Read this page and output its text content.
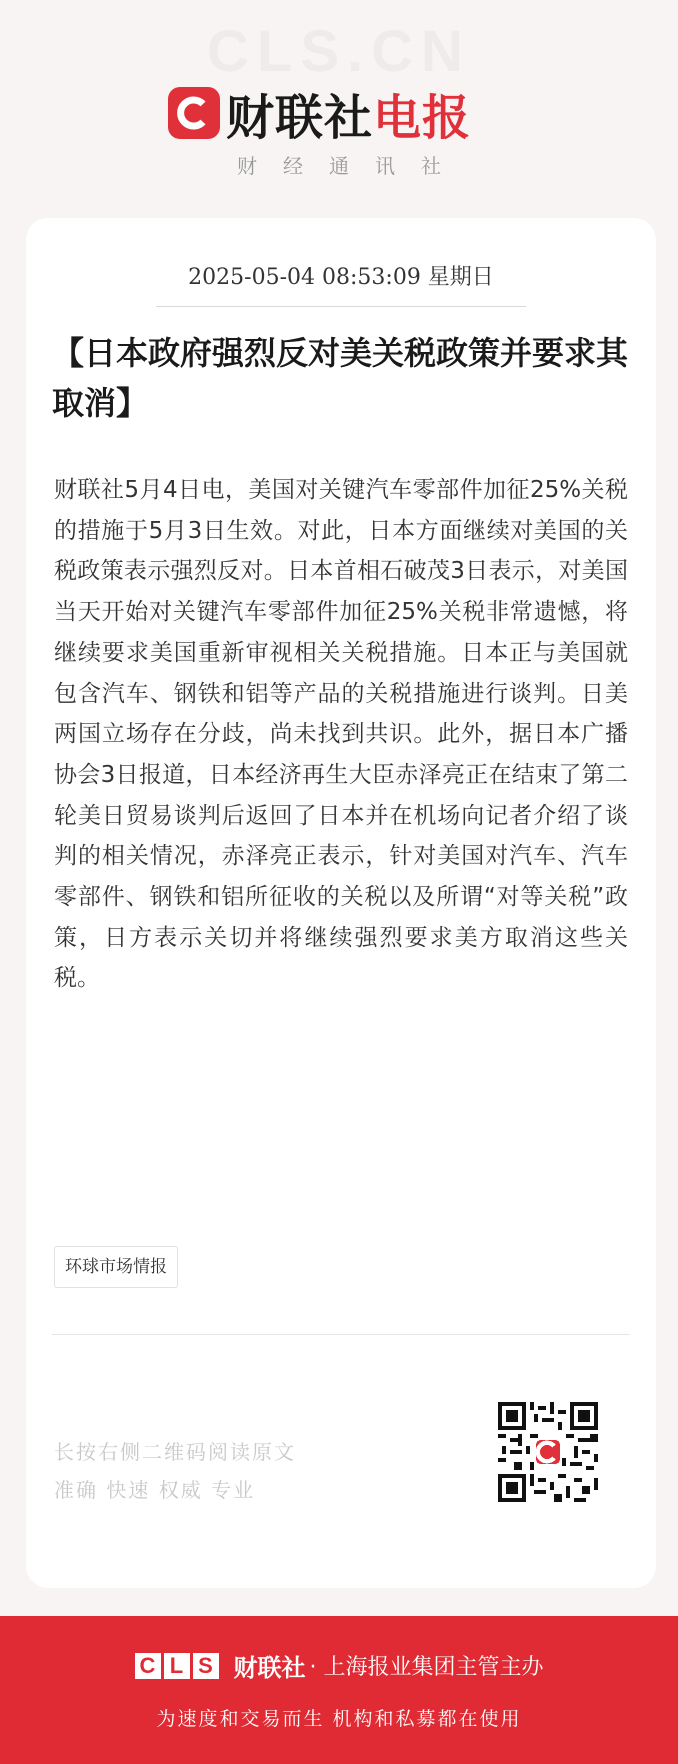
CLS.CN
财联社电报
财经通讯社
2025-05-04 08:53:09 星期日
【日本政府强烈反对美关税政策并要求其取消】

财联社5月4日电，美国对关键汽车零部件加征25%关税的措施于5月3日生效。对此，日本方面继续对美国的关税政策表示强烈反对。日本首相石破茂3日表示，对美国当天开始对关键汽车零部件加征25%关税非常遗憾，将继续要求美国重新审视相关关税措施。日本正与美国就包含汽车、钢铁和铝等产品的关税措施进行谈判。日美两国立场存在分歧，尚未找到共识。此外，据日本广播协会3日报道，日本经济再生大臣赤泽亮正在结束了第二轮美日贸易谈判后返回了日本并在机场向记者介绍了谈判的相关情况，赤泽亮正表示，针对美国对汽车、汽车零部件、钢铁和铝所征收的关税以及所谓“对等关税”政策，日方表示关切并将继续强烈要求美方取消这些关税。

环球市场情报
长按右侧二维码阅读原文
准确 快速 权威 专业
C L S 财联社 · 上海报业集团主管主办
为速度和交易而生 机构和私募都在使用
